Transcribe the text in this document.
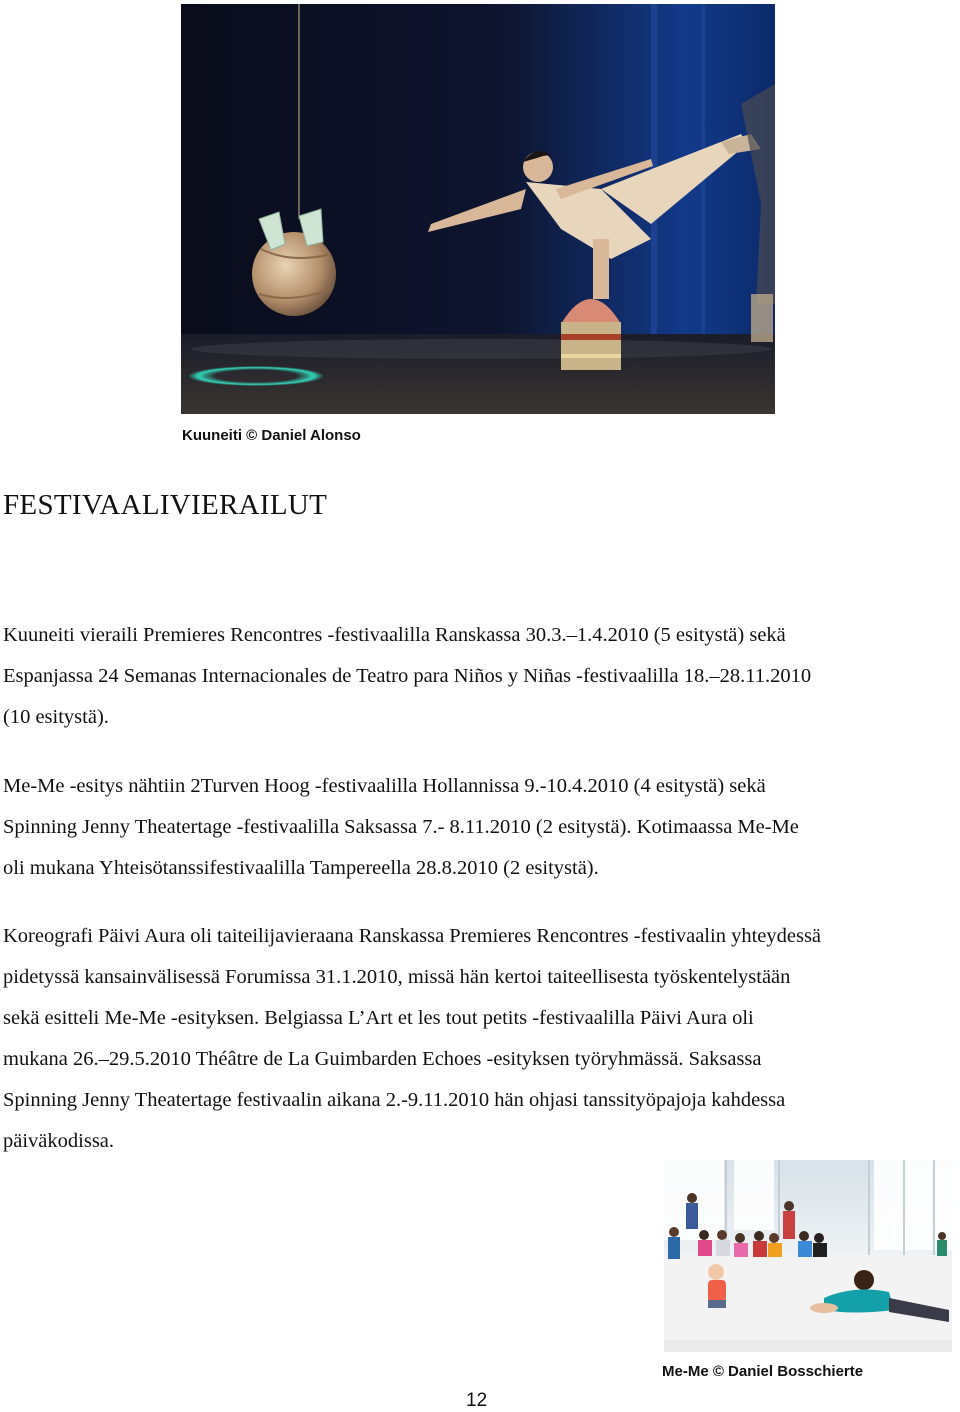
Kuuneiti © Daniel Alonso
FESTIVAALIVIERAILUT
Kuuneiti vieraili Premieres Rencontres -festivaalilla Ranskassa 30.3.–1.4.2010 (5 esitystä) sekä
Espanjassa 24 Semanas Internacionales de Teatro para Niños y Niñas -festivaalilla 18.–28.11.2010
(10 esitystä).
Me-Me -esitys nähtiin 2Turven Hoog -festivaalilla Hollannissa 9.-10.4.2010 (4 esitystä) sekä
Spinning Jenny Theatertage -festivaalilla Saksassa 7.- 8.11.2010 (2 esitystä). Kotimaassa Me-Me
oli mukana Yhteisötanssifestivaalilla Tampereella 28.8.2010 (2 esitystä).
Koreografi Päivi Aura oli taiteilijavieraana Ranskassa Premieres Rencontres -festivaalin yhteydessä
pidetyssä kansainvälisessä Forumissa 31.1.2010, missä hän kertoi taiteellisesta työskentelystään
sekä esitteli Me-Me -esityksen. Belgiassa L’Art et les tout petits -festivaalilla Päivi Aura oli
mukana 26.–29.5.2010 Théâtre de La Guimbarden Echoes -esityksen työryhmässä. Saksassa
Spinning Jenny Theatertage festivaalin aikana 2.-9.11.2010 hän ohjasi tanssityöpajoja kahdessa
päiväkodissa.
Me-Me © Daniel Bosschierte
12
